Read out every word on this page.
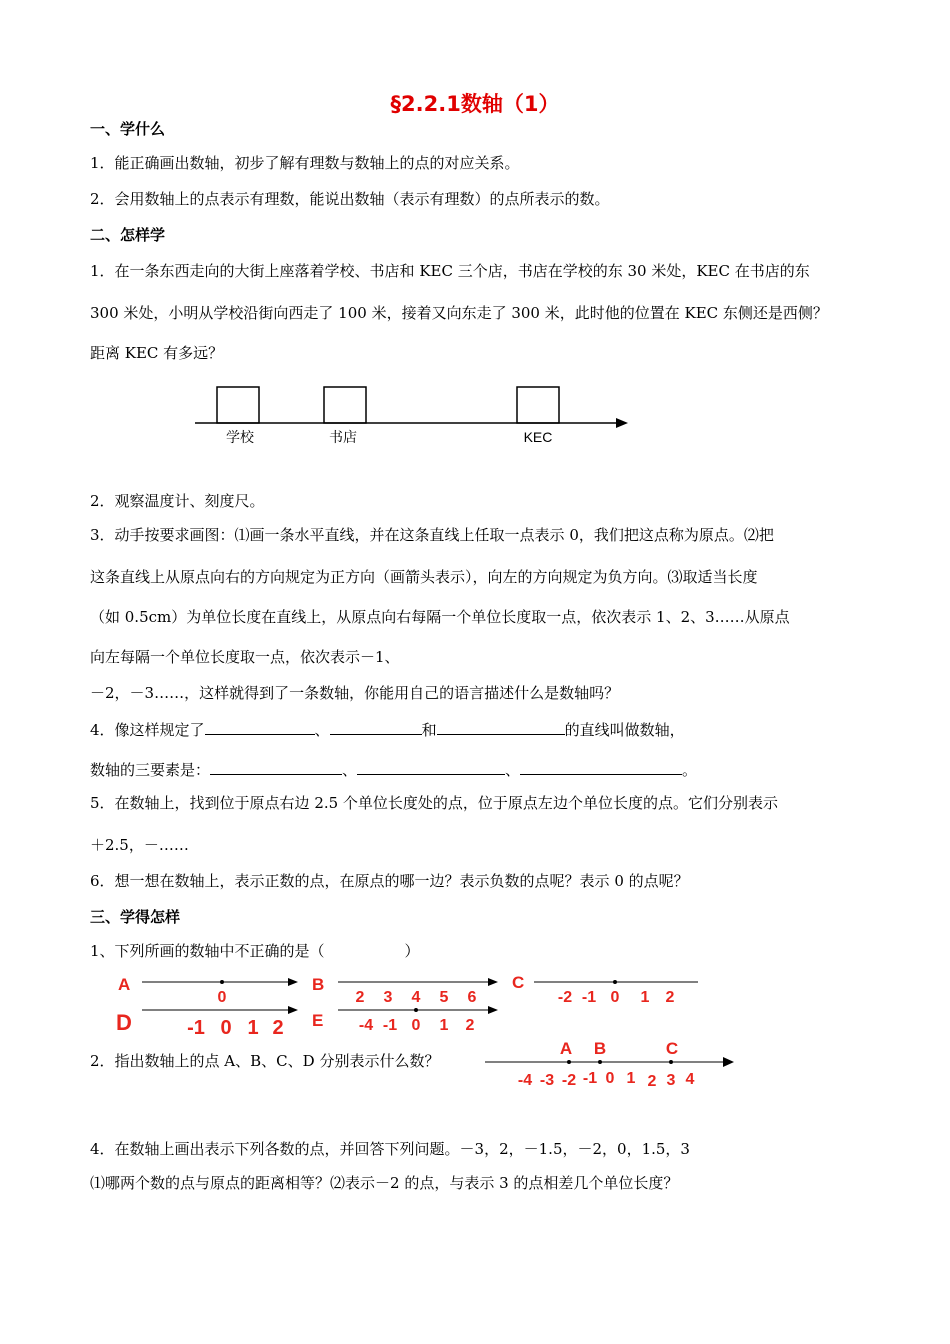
§2.2.1数轴（1）
一、学什么
1．能正确画出数轴，初步了解有理数与数轴上的点的对应关系。
2．会用数轴上的点表示有理数，能说出数轴（表示有理数）的点所表示的数。
二、怎样学
1．在一条东西走向的大街上座落着学校、书店和 KEC 三个店，书店在学校的东 30 米处，KEC 在书店的东
300 米处，小明从学校沿街向西走了 100 米，接着又向东走了 300 米，此时他的位置在 KEC 东侧还是西侧？
距离 KEC 有多远？
学校	书店	KEC
2．观察温度计、刻度尺。
3．动手按要求画图：⑴画一条水平直线，并在这条直线上任取一点表示 0，我们把这点称为原点。⑵把
这条直线上从原点向右的方向规定为正方向（画箭头表示），向左的方向规定为负方向。⑶取适当长度
（如 0.5cm）为单位长度在直线上，从原点向右每隔一个单位长度取一点，依次表示 1、2、3……从原点
向左每隔一个单位长度取一点，依次表示－1、
－2，－3……，这样就得到了一条数轴，你能用自己的语言描述什么是数轴吗？
4．像这样规定了	、	和	的直线叫做数轴，
数轴的三要素是：	、	、	。
5．在数轴上，找到位于原点右边 2.5 个单位长度处的点，位于原点左边个单位长度的点。它们分别表示
＋2.5，－……
6．想一想在数轴上，表示正数的点，在原点的哪一边？表示负数的点呢？表示 0 的点呢？
三、学得怎样
1、下列所画的数轴中不正确的是（	）
A
0
B
2 3 4 5 6
C
-2 -1 0 1 2
D	-1 0 1 2 E -4 -1 0 1 2
2．指出数轴上的点 A、B、C、D 分别表示什么数？
A B	C
-4 -3 -2 -1 0 1 2 3 4
4．在数轴上画出表示下列各数的点，并回答下列问题。－3，2，－1.5，－2，0，1.5，3
⑴哪两个数的点与原点的距离相等？⑵表示－2 的点，与表示 3 的点相差几个单位长度？
